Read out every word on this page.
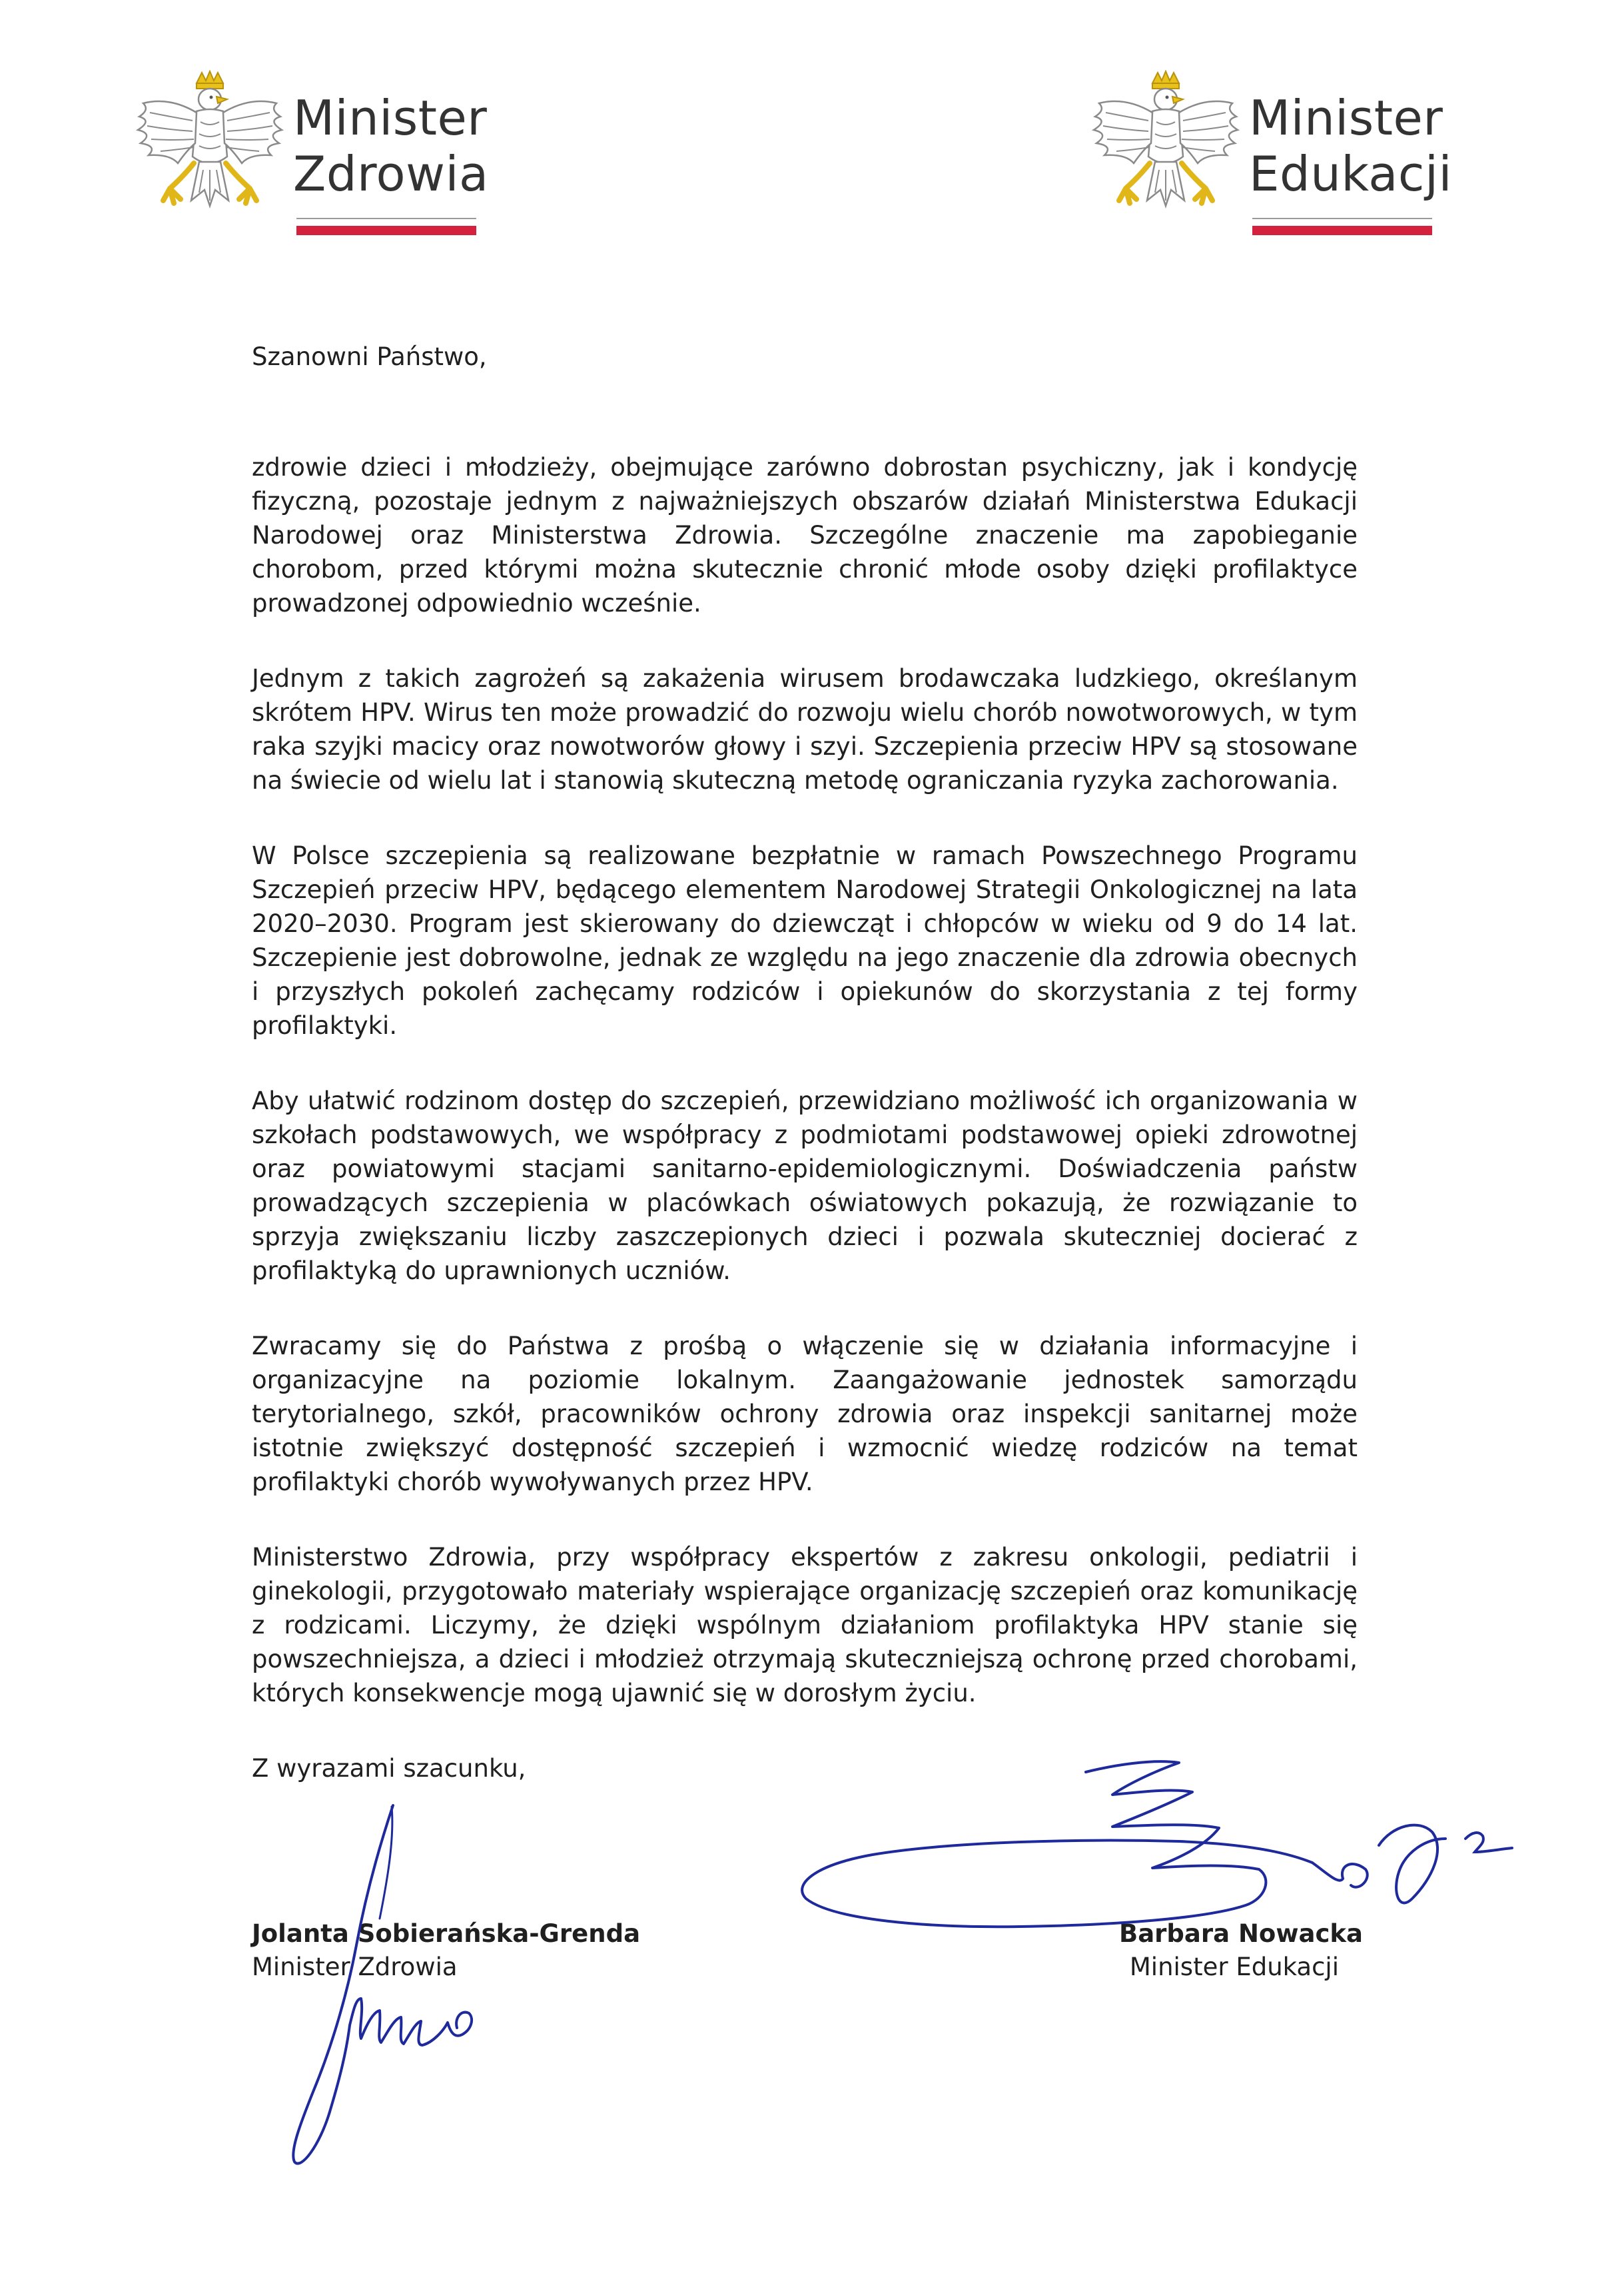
Minister
Zdrowia
Minister
Edukacji

Szanowni Państwo,

zdrowie dzieci i młodzieży, obejmujące zarówno dobrostan psychiczny, jak i kondycję fizyczną, pozostaje jednym z najważniejszych obszarów działań Ministerstwa Edukacji Narodowej oraz Ministerstwa Zdrowia. Szczególne znaczenie ma zapobieganie chorobom, przed którymi można skutecznie chronić młode osoby dzięki profilaktyce prowadzonej odpowiednio wcześnie.

Jednym z takich zagrożeń są zakażenia wirusem brodawczaka ludzkiego, określanym skrótem HPV. Wirus ten może prowadzić do rozwoju wielu chorób nowotworowych, w tym raka szyjki macicy oraz nowotworów głowy i szyi. Szczepienia przeciw HPV są stosowane na świecie od wielu lat i stanowią skuteczną metodę ograniczania ryzyka zachorowania.

W Polsce szczepienia są realizowane bezpłatnie w ramach Powszechnego Programu Szczepień przeciw HPV, będącego elementem Narodowej Strategii Onkologicznej na lata 2020–2030. Program jest skierowany do dziewcząt i chłopców w wieku od 9 do 14 lat. Szczepienie jest dobrowolne, jednak ze względu na jego znaczenie dla zdrowia obecnych i przyszłych pokoleń zachęcamy rodziców i opiekunów do skorzystania z tej formy profilaktyki.

Aby ułatwić rodzinom dostęp do szczepień, przewidziano możliwość ich organizowania w szkołach podstawowych, we współpracy z podmiotami podstawowej opieki zdrowotnej oraz powiatowymi stacjami sanitarno-epidemiologicznymi. Doświadczenia państw prowadzących szczepienia w placówkach oświatowych pokazują, że rozwiązanie to sprzyja zwiększaniu liczby zaszczepionych dzieci i pozwala skuteczniej docierać z profilaktyką do uprawnionych uczniów.

Zwracamy się do Państwa z prośbą o włączenie się w działania informacyjne i organizacyjne na poziomie lokalnym. Zaangażowanie jednostek samorządu terytorialnego, szkół, pracowników ochrony zdrowia oraz inspekcji sanitarnej może istotnie zwiększyć dostępność szczepień i wzmocnić wiedzę rodziców na temat profilaktyki chorób wywoływanych przez HPV.

Ministerstwo Zdrowia, przy współpracy ekspertów z zakresu onkologii, pediatrii i ginekologii, przygotowało materiały wspierające organizację szczepień oraz komunikację z rodzicami. Liczymy, że dzięki wspólnym działaniom profilaktyka HPV stanie się powszechniejsza, a dzieci i młodzież otrzymają skuteczniejszą ochronę przed chorobami, których konsekwencje mogą ujawnić się w dorosłym życiu.

Z wyrazami szacunku,

Jolanta Sobierańska-Grenda
Minister Zdrowia
Barbara Nowacka
Minister Edukacji
